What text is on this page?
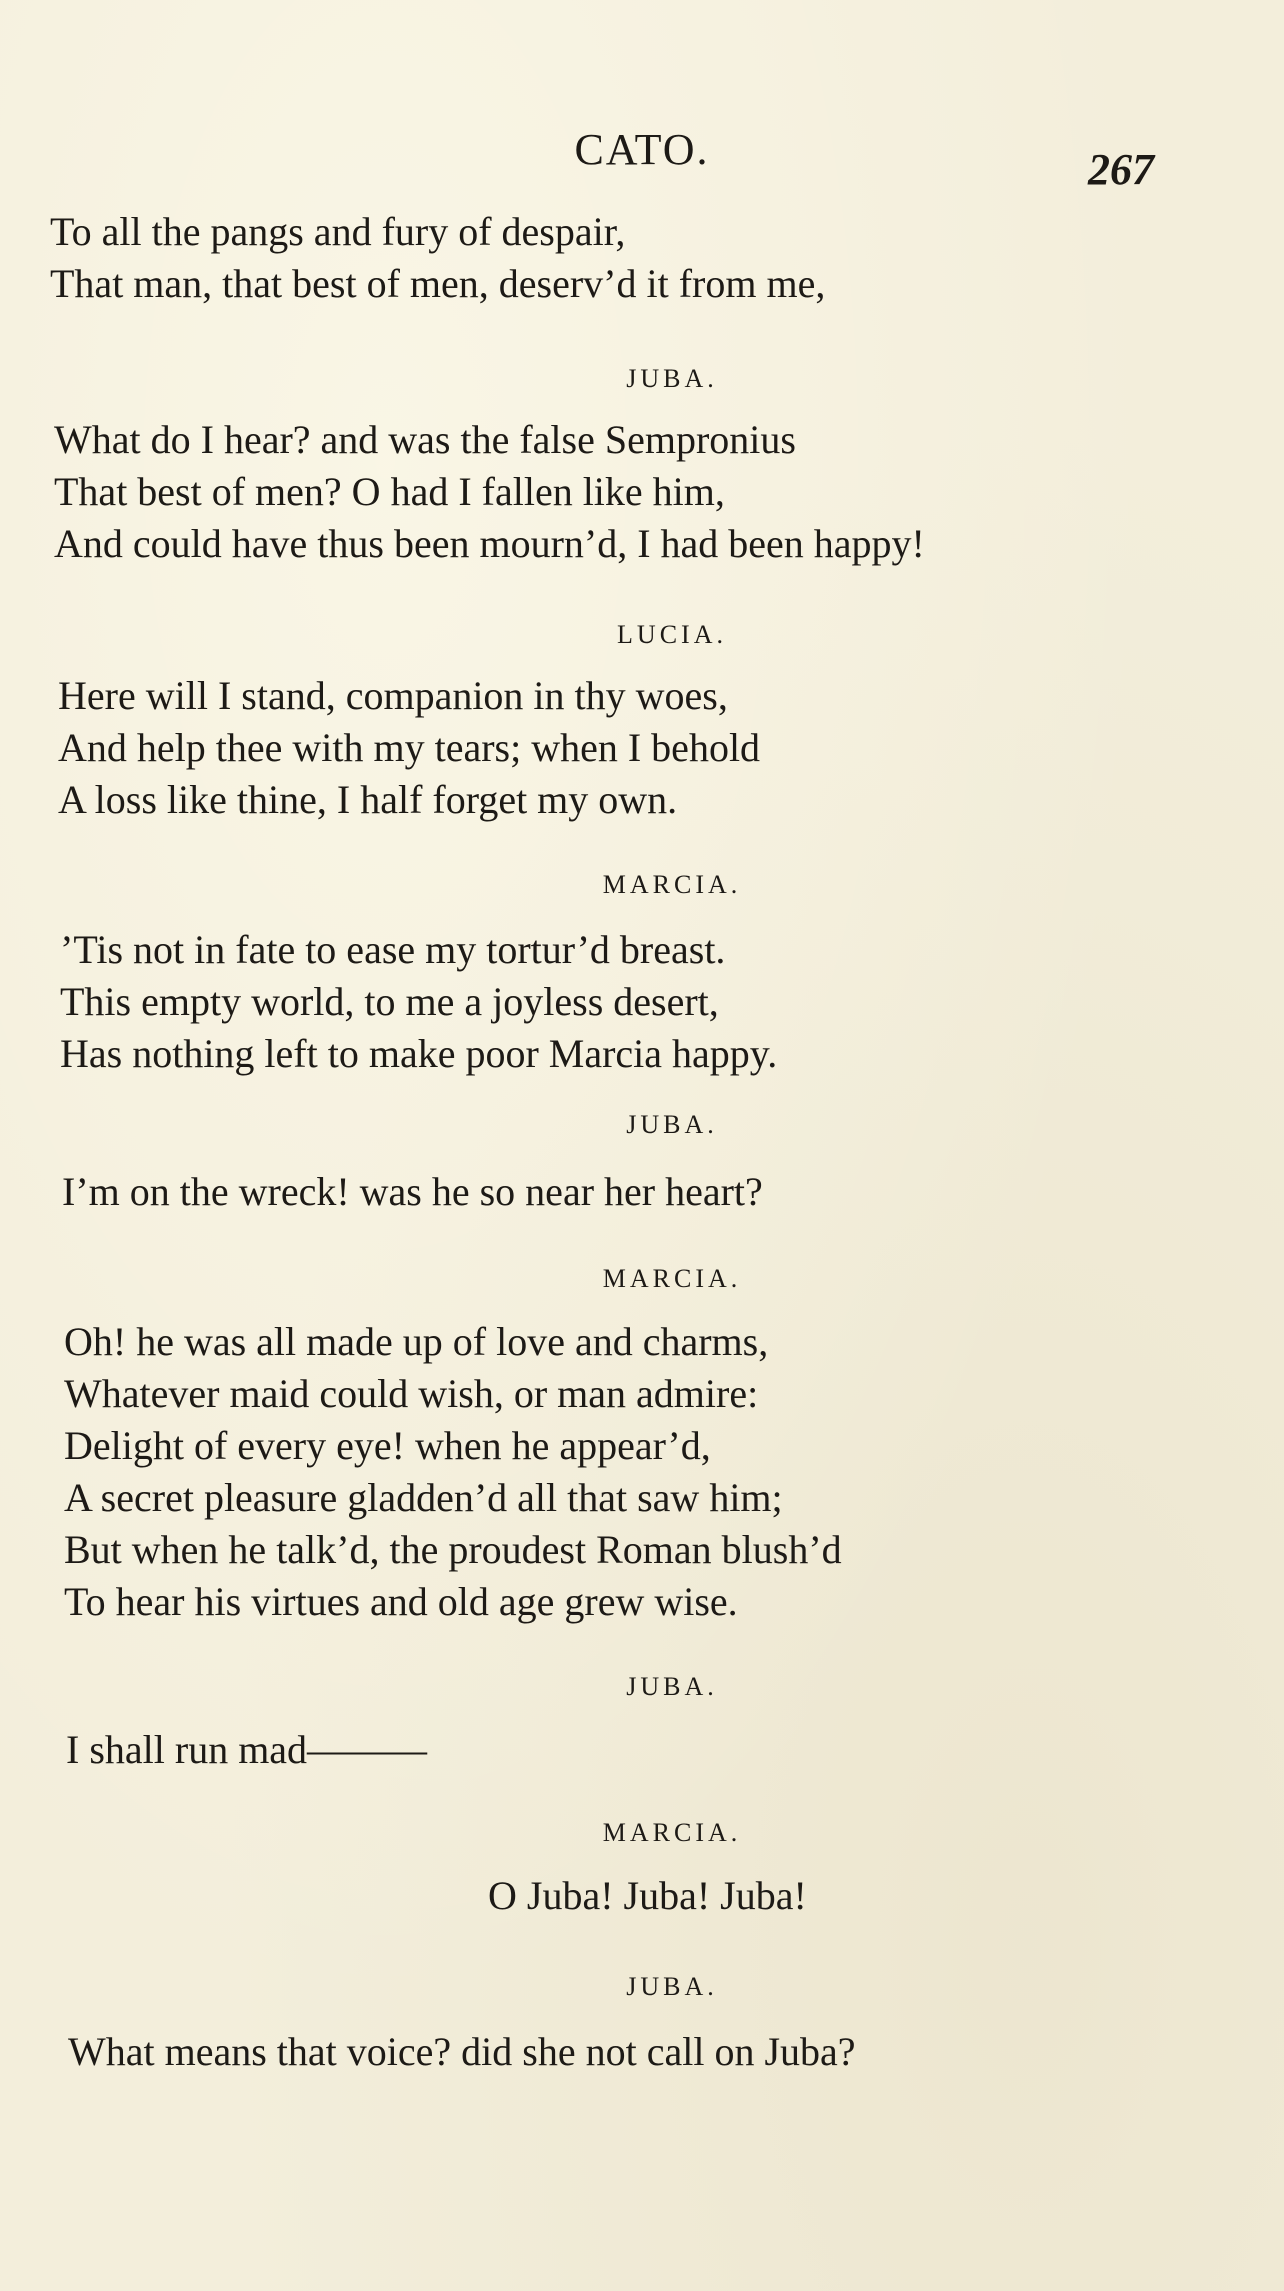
CATO.	267
To all the pangs and fury of despair,
That man, that best of men, deserv’d it from me,
JUBA.
What do I hear? and was the false Sempronius
That best of men? O had I fallen like him,
And could have thus been mourn’d, I had been happy!
LUCIA.
Here will I stand, companion in thy woes,
And help thee with my tears; when I behold
A loss like thine, I half forget my own.
MARCIA.
’Tis not in fate to ease my tortur’d breast.
This empty world, to me a joyless desert,
Has nothing left to make poor Marcia happy.
JUBA.
I’m on the wreck! was he so near her heart?
MARCIA.
Oh! he was all made up of love and charms,
Whatever maid could wish, or man admire:
Delight of every eye! when he appear’d,
A secret pleasure gladden’d all that saw him;
But when he talk’d, the proudest Roman blush’d
To hear his virtues and old age grew wise.
JUBA.
I shall run mad———
MARCIA.
O Juba! Juba! Juba!
JUBA.
What means that voice? did she not call on Juba?
